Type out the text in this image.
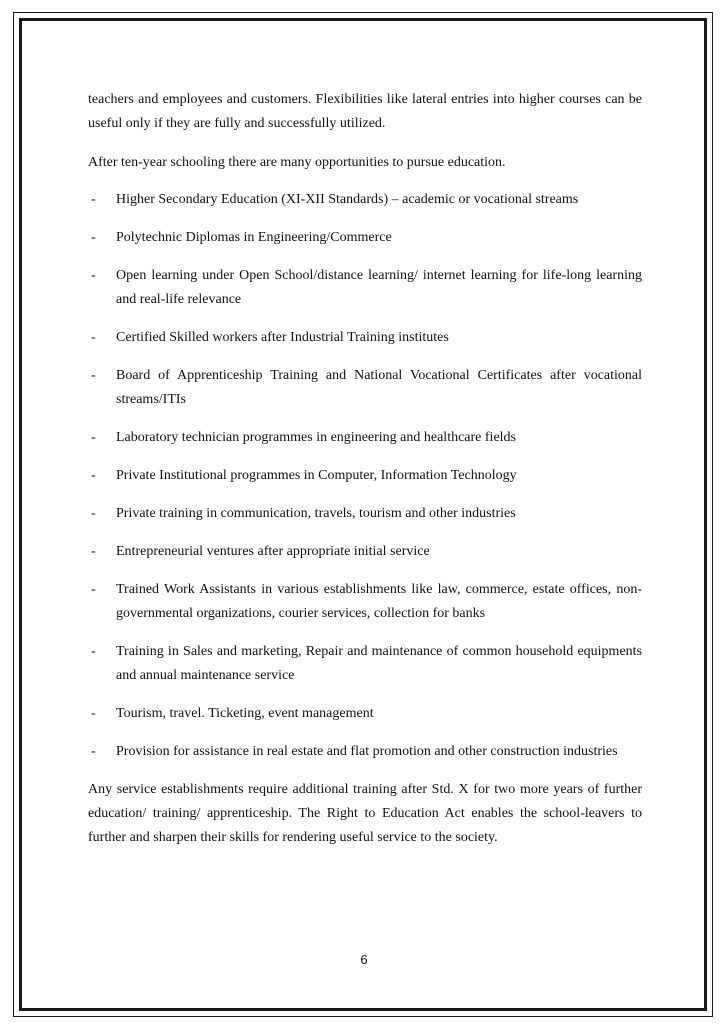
teachers and employees and customers. Flexibilities like lateral entries into higher courses can be useful only if they are fully and successfully utilized.

After ten-year schooling there are many opportunities to pursue education.

- Higher Secondary Education (XI-XII Standards) – academic or vocational streams
- Polytechnic Diplomas in Engineering/Commerce
- Open learning under Open School/distance learning/ internet learning for life-long learning and real-life relevance
- Certified Skilled workers after Industrial Training institutes
- Board of Apprenticeship Training and National Vocational Certificates after vocational streams/ITIs
- Laboratory technician programmes in engineering and healthcare fields
- Private Institutional programmes in Computer, Information Technology
- Private training in communication, travels, tourism and other industries
- Entrepreneurial ventures after appropriate initial service
- Trained Work Assistants in various establishments like law, commerce, estate offices, non-governmental organizations, courier services, collection for banks
- Training in Sales and marketing, Repair and maintenance of common household equipments and annual maintenance service
- Tourism, travel. Ticketing, event management
- Provision for assistance in real estate and flat promotion and other construction industries

Any service establishments require additional training after Std. X for two more years of further education/ training/ apprenticeship. The Right to Education Act enables the school-leavers to further and sharpen their skills for rendering useful service to the society.

6
